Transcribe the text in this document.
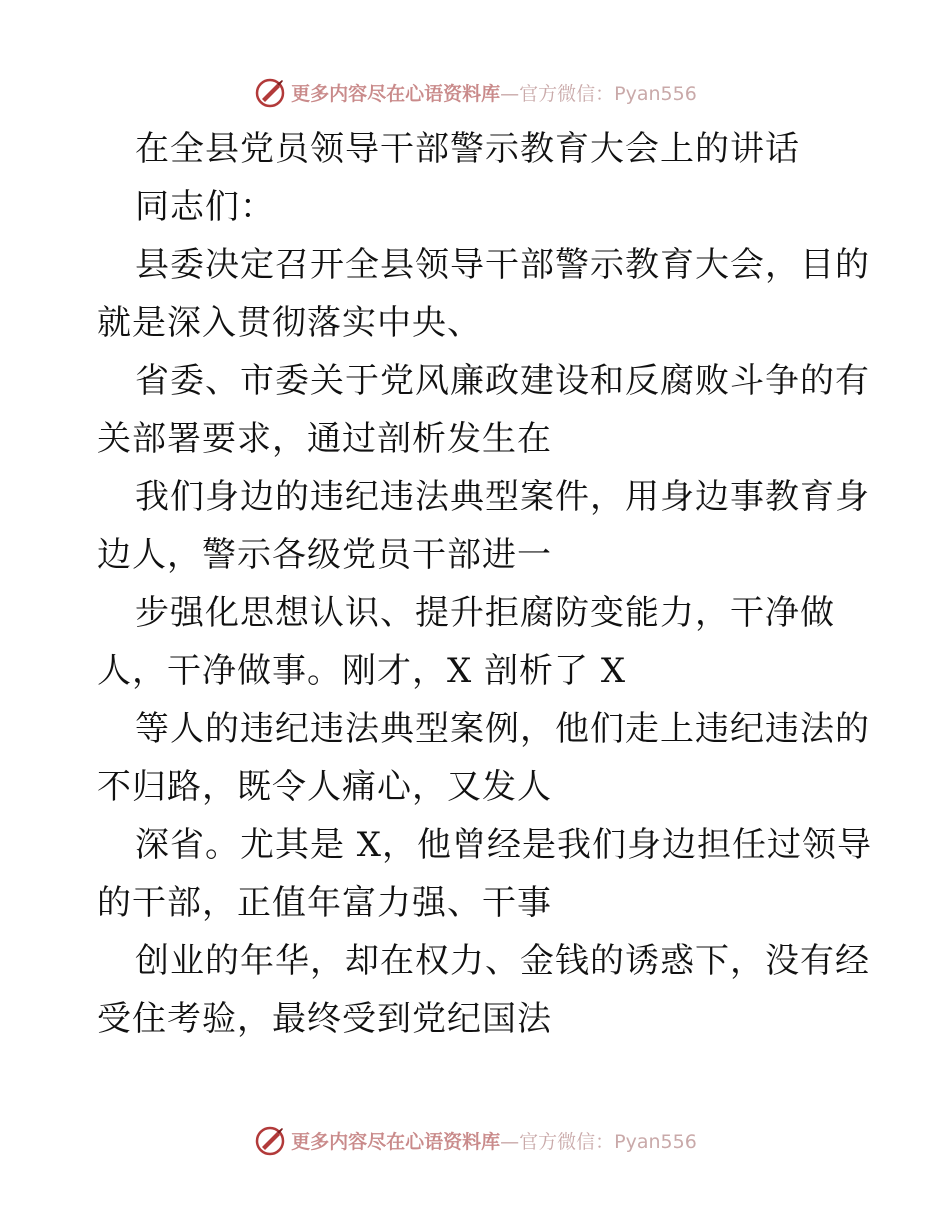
更多内容尽在心语资料库—官方微信：Pyan556
在全县党员领导干部警示教育大会上的讲话
同志们：
县委决定召开全县领导干部警示教育大会，目的
就是深入贯彻落实中央、
省委、市委关于党风廉政建设和反腐败斗争的有
关部署要求，通过剖析发生在
我们身边的违纪违法典型案件，用身边事教育身
边人，警示各级党员干部进一
步强化思想认识、提升拒腐防变能力，干净做
人，干净做事。刚才，X 剖析了 X
等人的违纪违法典型案例，他们走上违纪违法的
不归路，既令人痛心，又发人
深省。尤其是 X，他曾经是我们身边担任过领导
的干部，正值年富力强、干事
创业的年华，却在权力、金钱的诱惑下，没有经
受住考验，最终受到党纪国法
更多内容尽在心语资料库—官方微信：Pyan556
